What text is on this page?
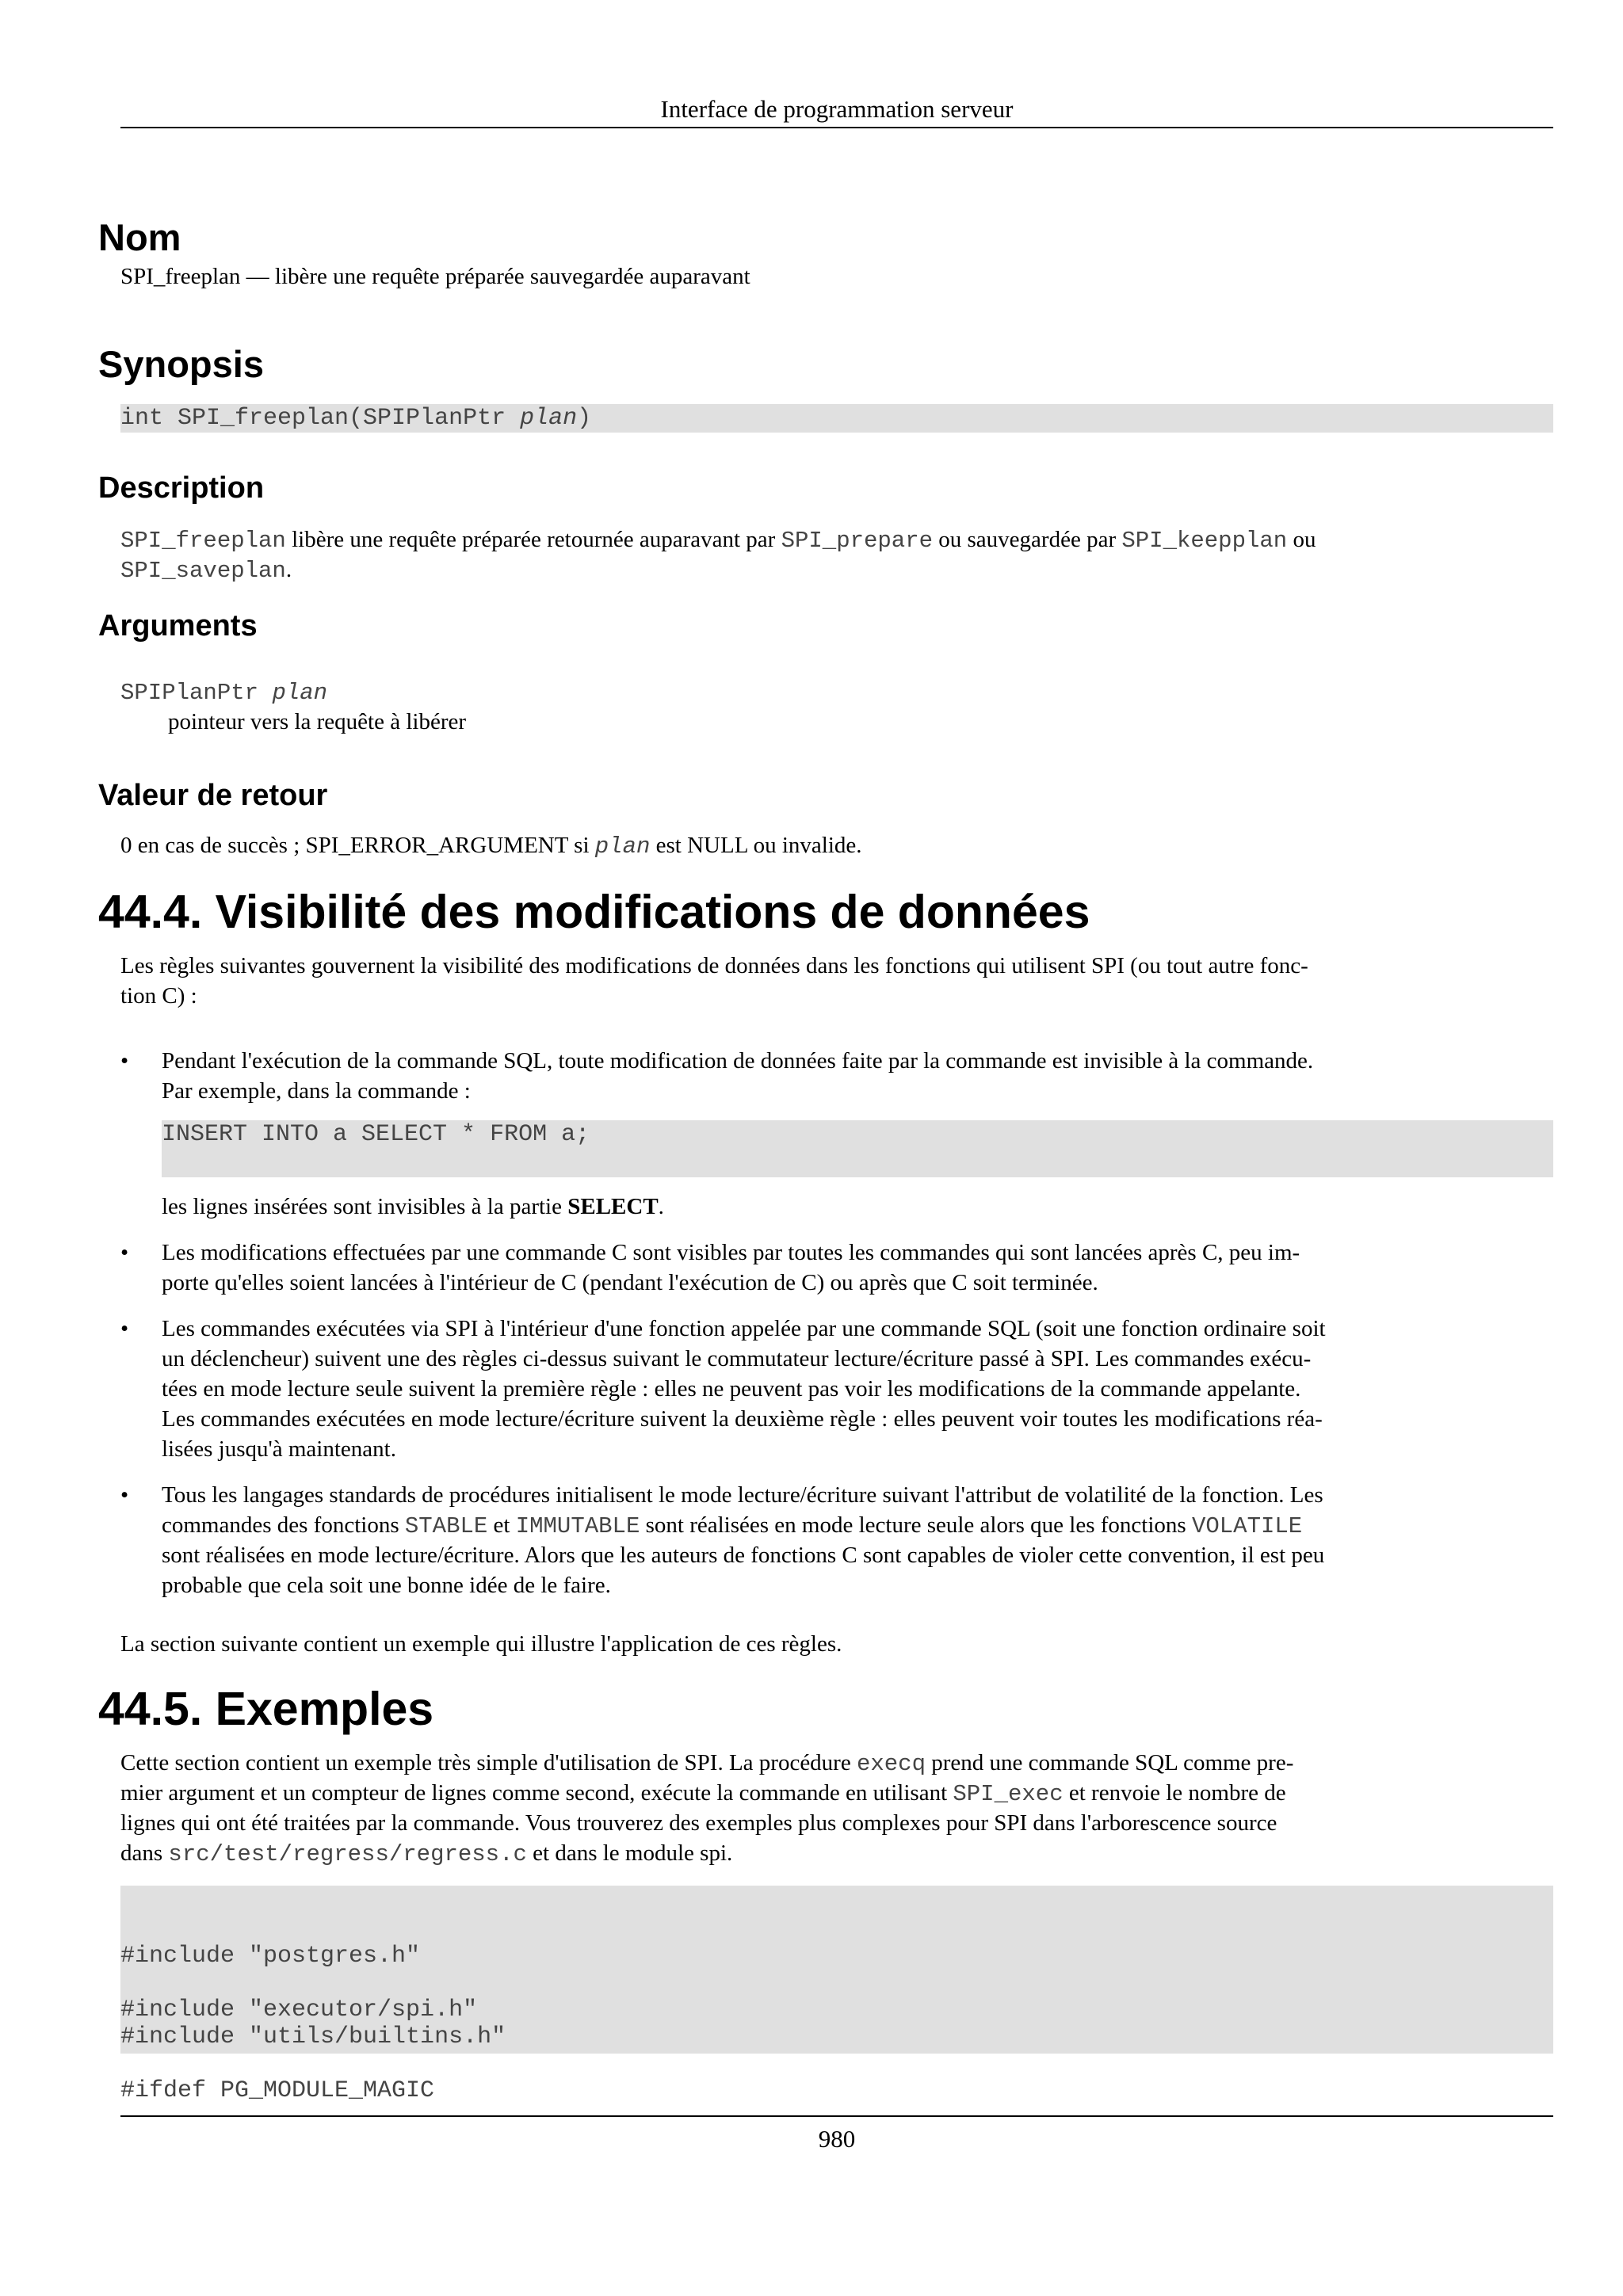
Interface de programmation serveur
Nom
SPI_freeplan — libère une requête préparée sauvegardée auparavant
Synopsis
int SPI_freeplan(SPIPlanPtr plan)
Description
SPI_freeplan libère une requête préparée retournée auparavant par SPI_prepare ou sauvegardée par SPI_keepplan ou
SPI_saveplan.
Arguments
SPIPlanPtr plan
pointeur vers la requête à libérer
Valeur de retour
0 en cas de succès ; SPI_ERROR_ARGUMENT si plan est NULL ou invalide.
44.4. Visibilité des modifications de données
Les règles suivantes gouvernent la visibilité des modifications de données dans les fonctions qui utilisent SPI (ou tout autre fonc-
tion C) :
• Pendant l'exécution de la commande SQL, toute modification de données faite par la commande est invisible à la commande.
Par exemple, dans la commande :
INSERT INTO a SELECT * FROM a;
les lignes insérées sont invisibles à la partie SELECT.
• Les modifications effectuées par une commande C sont visibles par toutes les commandes qui sont lancées après C, peu im-
porte qu'elles soient lancées à l'intérieur de C (pendant l'exécution de C) ou après que C soit terminée.
• Les commandes exécutées via SPI à l'intérieur d'une fonction appelée par une commande SQL (soit une fonction ordinaire soit
un déclencheur) suivent une des règles ci-dessus suivant le commutateur lecture/écriture passé à SPI. Les commandes exécu-
tées en mode lecture seule suivent la première règle : elles ne peuvent pas voir les modifications de la commande appelante.
Les commandes exécutées en mode lecture/écriture suivent la deuxième règle : elles peuvent voir toutes les modifications réa-
lisées jusqu'à maintenant.
• Tous les langages standards de procédures initialisent le mode lecture/écriture suivant l'attribut de volatilité de la fonction. Les
commandes des fonctions STABLE et IMMUTABLE sont réalisées en mode lecture seule alors que les fonctions VOLATILE
sont réalisées en mode lecture/écriture. Alors que les auteurs de fonctions C sont capables de violer cette convention, il est peu
probable que cela soit une bonne idée de le faire.
La section suivante contient un exemple qui illustre l'application de ces règles.
44.5. Exemples
Cette section contient un exemple très simple d'utilisation de SPI. La procédure execq prend une commande SQL comme pre-
mier argument et un compteur de lignes comme second, exécute la commande en utilisant SPI_exec et renvoie le nombre de
lignes qui ont été traitées par la commande. Vous trouverez des exemples plus complexes pour SPI dans l'arborescence source
dans src/test/regress/regress.c et dans le module spi.

#include "postgres.h"
#include "executor/spi.h"
#include "utils/builtins.h"
#ifdef PG_MODULE_MAGIC

980
